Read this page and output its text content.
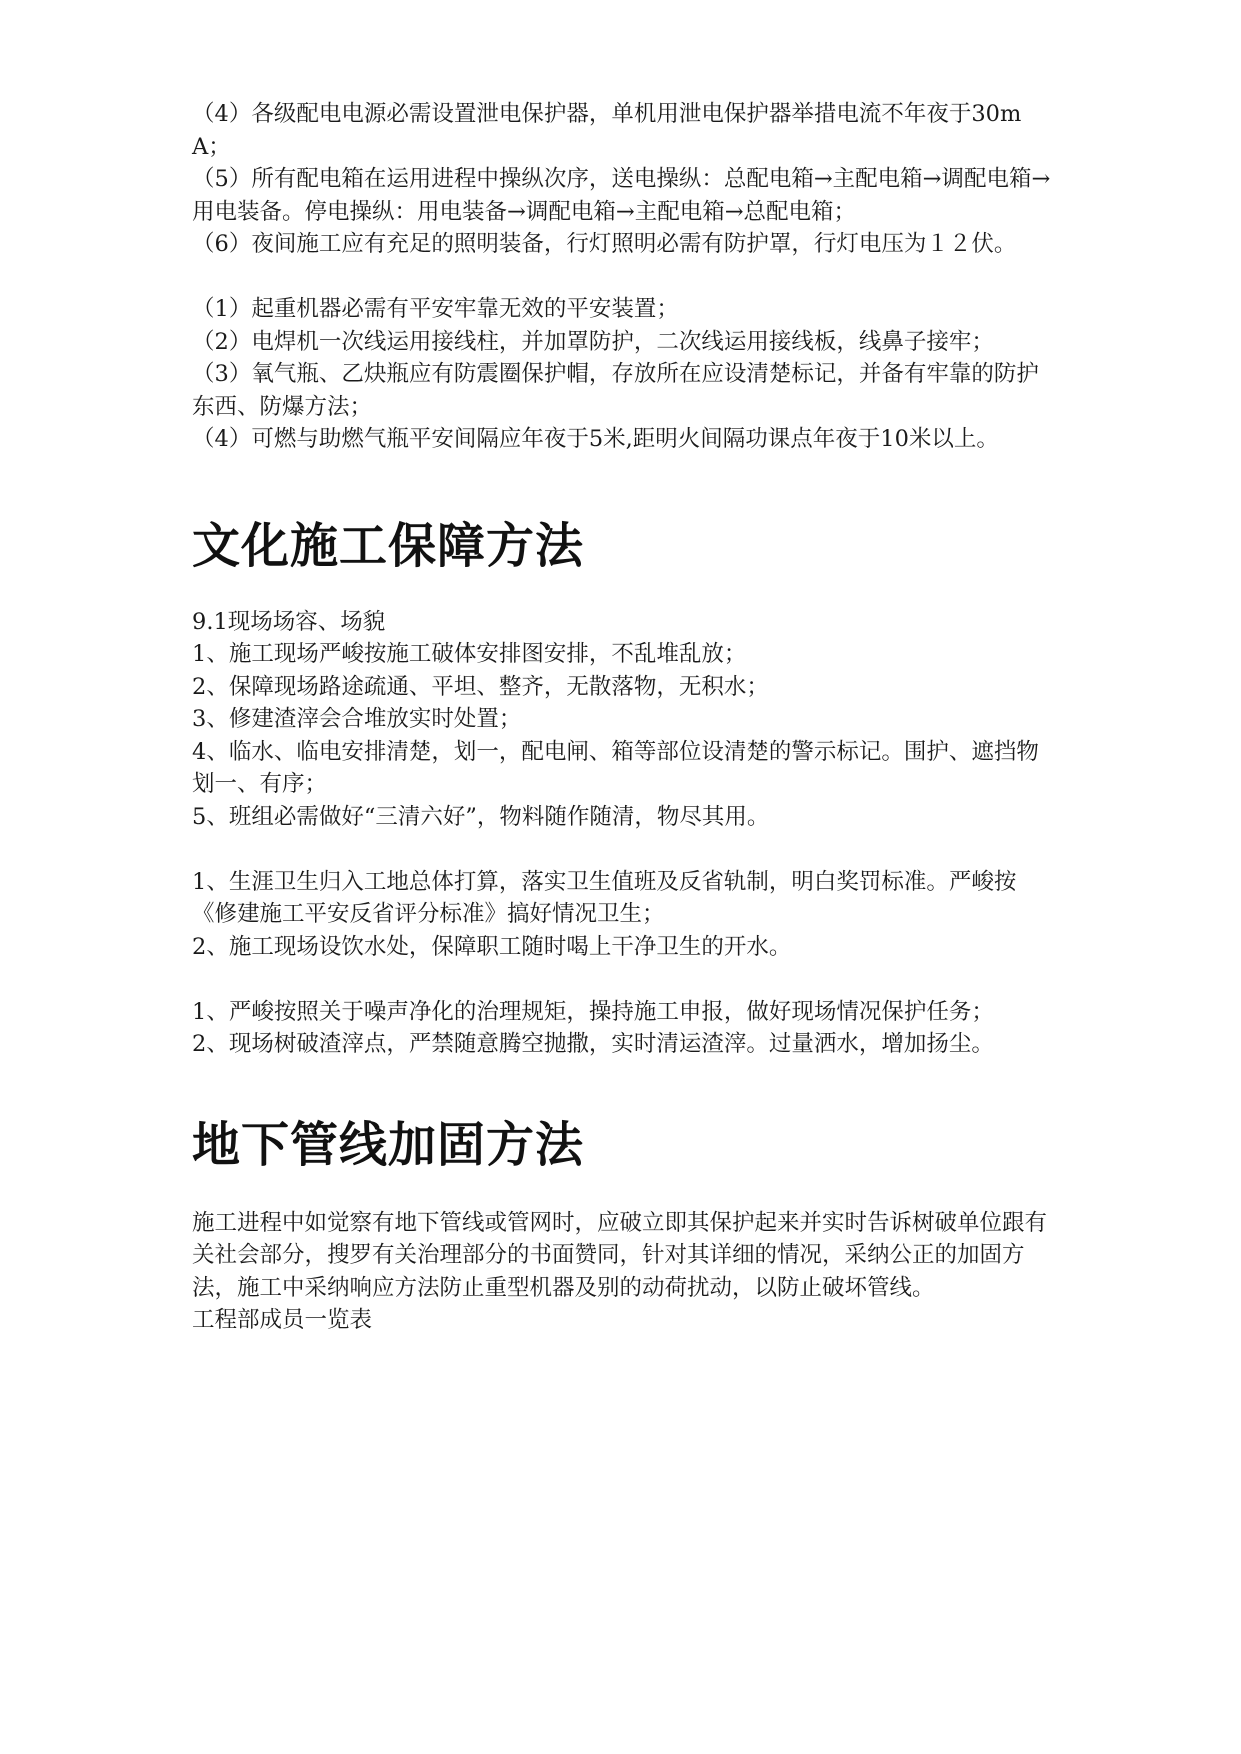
（4）各级配电电源必需设置泄电保护器，单机用泄电保护器举措电流不年夜于30mA；

（5）所有配电箱在运用进程中操纵次序，送电操纵：总配电箱→主配电箱→调配电箱→用电装备。停电操纵：用电装备→调配电箱→主配电箱→总配电箱；

（6）夜间施工应有充足的照明装备，行灯照明必需有防护罩，行灯电压为１２伏。

（1）起重机器必需有平安牢靠无效的平安装置；

（2）电焊机一次线运用接线柱，并加罩防护，二次线运用接线板，线鼻子接牢；

（3）氧气瓶、乙炔瓶应有防震圈保护帽，存放所在应设清楚标记，并备有牢靠的防护东西、防爆方法；

（4）可燃与助燃气瓶平安间隔应年夜于5米,距明火间隔功课点年夜于10米以上。

文化施工保障方法

9.1现场场容、场貌

1、施工现场严峻按施工破体安排图安排，不乱堆乱放；

2、保障现场路途疏通、平坦、整齐，无散落物，无积水；

3、修建渣滓会合堆放实时处置；

4、临水、临电安排清楚，划一，配电闸、箱等部位设清楚的警示标记。围护、遮挡物划一、有序；

5、班组必需做好“三清六好”，物料随作随清，物尽其用。

1、生涯卫生归入工地总体打算，落实卫生值班及反省轨制，明白奖罚标准。严峻按《修建施工平安反省评分标准》搞好情况卫生；

2、施工现场设饮水处，保障职工随时喝上干净卫生的开水。

1、严峻按照关于噪声净化的治理规矩，操持施工申报，做好现场情况保护任务；

2、现场树破渣滓点，严禁随意腾空抛撒，实时清运渣滓。过量洒水，增加扬尘。

地下管线加固方法

施工进程中如觉察有地下管线或管网时，应破立即其保护起来并实时告诉树破单位跟有关社会部分，搜罗有关治理部分的书面赞同，针对其详细的情况，采纳公正的加固方法，施工中采纳响应方法防止重型机器及别的动荷扰动，以防止破坏管线。

工程部成员一览表
